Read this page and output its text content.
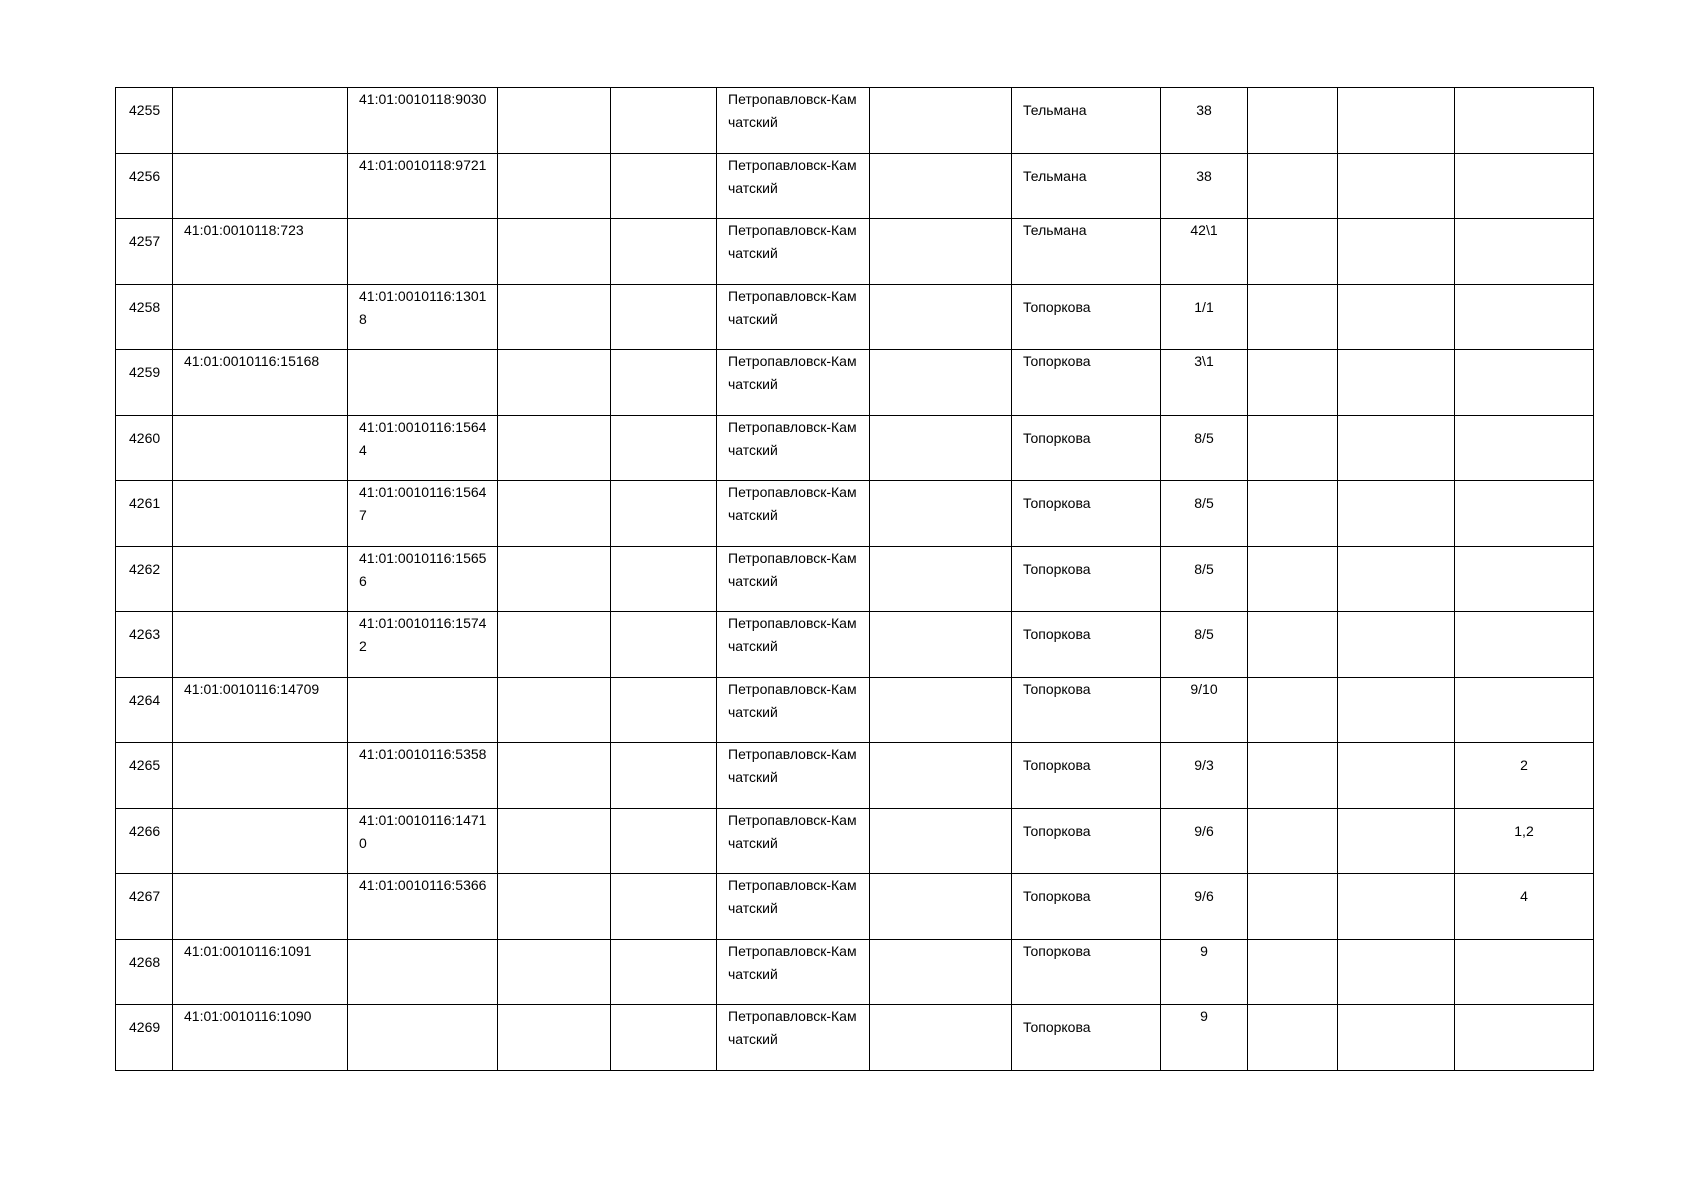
4255		41:01:0010118:9030			Петропавловск-Камчатский		Тельмана	38			

4256		41:01:0010118:9721			Петропавловск-Камчатский		Тельмана	38			

4257	41:01:0010118:723				Петропавловск-Камчатский		Тельмана	42\1			

4258		41:01:0010116:13018			Петропавловск-Камчатский		Топоркова	1/1			

4259	41:01:0010116:15168				Петропавловск-Камчатский		Топоркова	3\1			

4260		41:01:0010116:15644			Петропавловск-Камчатский		Топоркова	8/5			

4261		41:01:0010116:15647			Петропавловск-Камчатский		Топоркова	8/5			

4262		41:01:0010116:15656			Петропавловск-Камчатский		Топоркова	8/5			

4263		41:01:0010116:15742			Петропавловск-Камчатский		Топоркова	8/5			

4264	41:01:0010116:14709				Петропавловск-Камчатский		Топоркова	9/10			

4265		41:01:0010116:5358			Петропавловск-Камчатский		Топоркова	9/3			2

4266		41:01:0010116:14710			Петропавловск-Камчатский		Топоркова	9/6			1,2

4267		41:01:0010116:5366			Петропавловск-Камчатский		Топоркова	9/6			4

4268	41:01:0010116:1091				Петропавловск-Камчатский		Топоркова	9			

4269	41:01:0010116:1090				Петропавловск-Камчатский		Топоркова	9			
